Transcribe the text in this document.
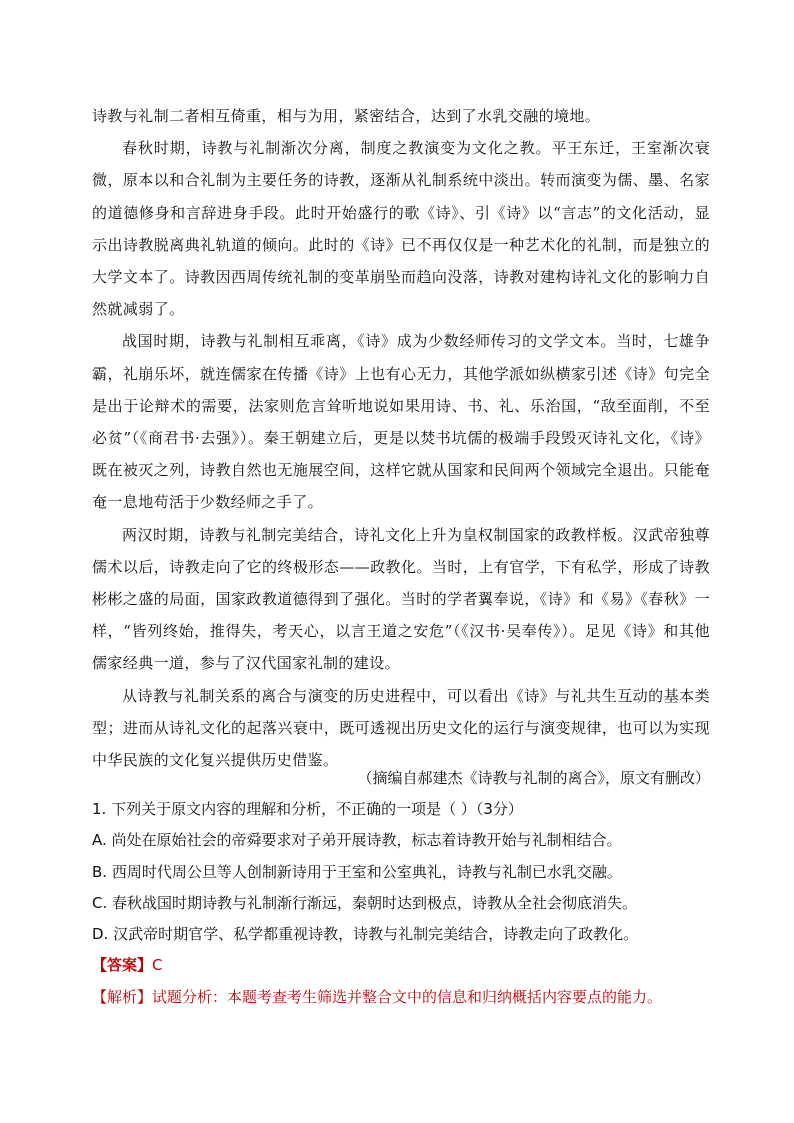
诗教与礼制二者相互倚重，相与为用，紧密结合，达到了水乳交融的境地。

春秋时期，诗教与礼制渐次分离，制度之教演变为文化之教。平王东迁，王室渐次衰微，原本以和合礼制为主要任务的诗教，逐渐从礼制系统中淡出。转而演变为儒、墨、名家的道德修身和言辞进身手段。此时开始盛行的歌《诗》、引《诗》以“言志”的文化活动，显示出诗教脱离典礼轨道的倾向。此时的《诗》已不再仅仅是一种艺术化的礼制，而是独立的大学文本了。诗教因西周传统礼制的变革崩坠而趋向没落，诗教对建构诗礼文化的影响力自然就减弱了。

战国时期，诗教与礼制相互乖离，《诗》成为少数经师传习的文学文本。当时，七雄争霸，礼崩乐坏，就连儒家在传播《诗》上也有心无力，其他学派如纵横家引述《诗》句完全是出于论辩术的需要，法家则危言耸听地说如果用诗、书、礼、乐治国，“敌至面削，不至必贫”（《商君书·去强》）。秦王朝建立后，更是以焚书坑儒的极端手段毁灭诗礼文化，《诗》既在被灭之列，诗教自然也无施展空间，这样它就从国家和民间两个领域完全退出。只能奄奄一息地苟活于少数经师之手了。

两汉时期，诗教与礼制完美结合，诗礼文化上升为皇权制国家的政教样板。汉武帝独尊儒术以后，诗教走向了它的终极形态——政教化。当时，上有官学，下有私学，形成了诗教彬彬之盛的局面，国家政教道德得到了强化。当时的学者翼奉说，《诗》和《易》《春秋》一样，“皆列终始，推得失，考天心，以言王道之安危”（《汉书·吴奉传》）。足见《诗》和其他儒家经典一道，参与了汉代国家礼制的建设。

从诗教与礼制关系的离合与演变的历史进程中，可以看出《诗》与礼共生互动的基本类型；进而从诗礼文化的起落兴衰中，既可透视出历史文化的运行与演变规律，也可以为实现中华民族的文化复兴提供历史借鉴。

（摘编自郝建杰《诗教与礼制的离合》，原文有删改）
1. 下列关于原文内容的理解和分析，不正确的一项是（ ）（3分）
A. 尚处在原始社会的帝舜要求对子弟开展诗教，标志着诗教开始与礼制相结合。
B. 西周时代周公旦等人创制新诗用于王室和公室典礼，诗教与礼制已水乳交融。
C. 春秋战国时期诗教与礼制渐行渐远，秦朝时达到极点，诗教从全社会彻底消失。
D. 汉武帝时期官学、私学都重视诗教，诗教与礼制完美结合，诗教走向了政教化。
【答案】C
【解析】试题分析：本题考查考生筛选并整合文中的信息和归纳概括内容要点的能力。
